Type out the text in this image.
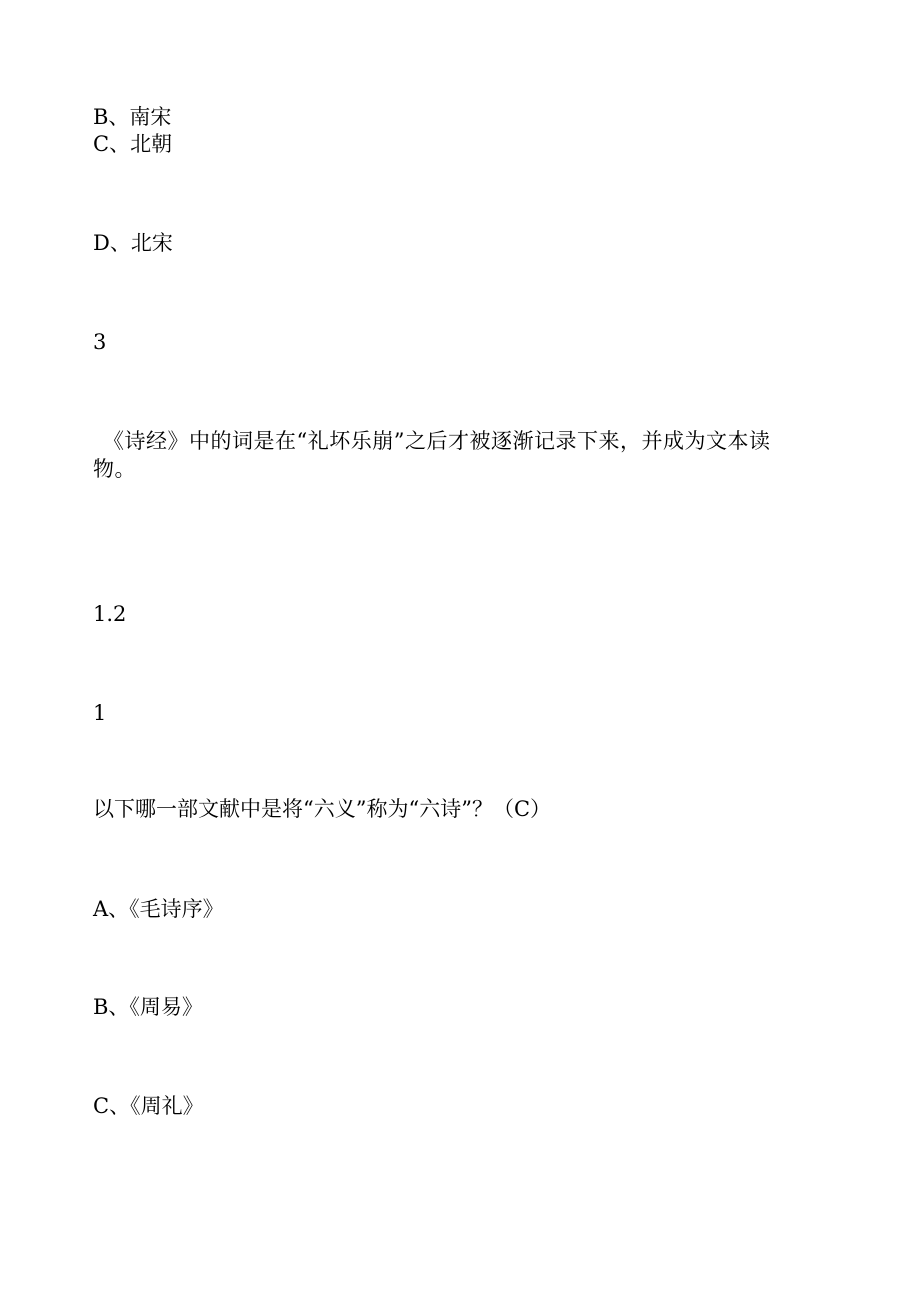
B、南宋
C、北朝
D、北宋
3
《诗经》中的词是在“礼坏乐崩”之后才被逐渐记录下来，并成为文本读物。
1.2
1
以下哪一部文献中是将“六义”称为“六诗”？（C）
A、《毛诗序》
B、《周易》
C、《周礼》
